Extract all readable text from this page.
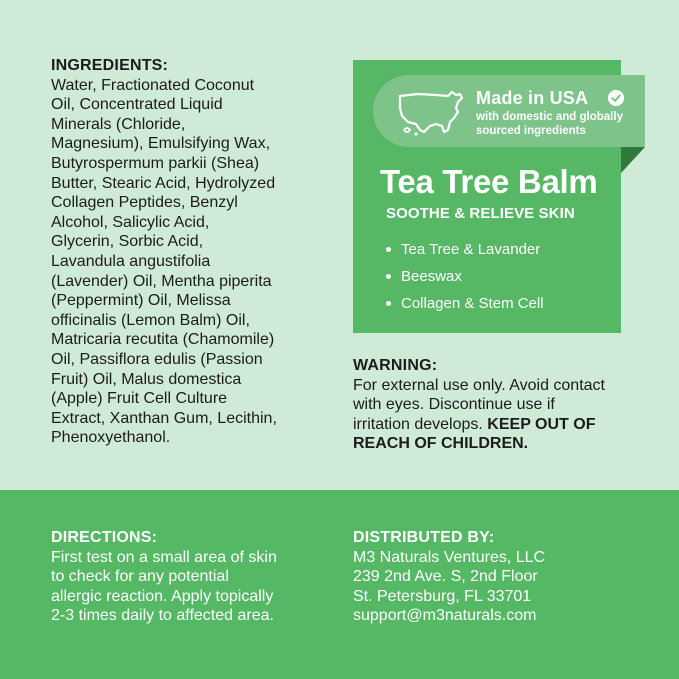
INGREDIENTS:
Water, Fractionated Coconut
Oil, Concentrated Liquid
Minerals (Chloride,
Magnesium), Emulsifying Wax,
Butyrospermum parkii (Shea)
Butter, Stearic Acid, Hydrolyzed
Collagen Peptides, Benzyl
Alcohol, Salicylic Acid,
Glycerin, Sorbic Acid,
Lavandula angustifolia
(Lavender) Oil, Mentha piperita
(Peppermint) Oil, Melissa
officinalis (Lemon Balm) Oil,
Matricaria recutita (Chamomile)
Oil, Passiflora edulis (Passion
Fruit) Oil, Malus domestica
(Apple) Fruit Cell Culture
Extract, Xanthan Gum, Lecithin,
Phenoxyethanol.
Made in USA
with domestic and globally
sourced ingredients
Tea Tree Balm
SOOTHE & RELIEVE SKIN
Tea Tree & Lavander
Beeswax
Collagen & Stem Cell
WARNING:
For external use only. Avoid contact with eyes. Discontinue use if irritation develops. KEEP OUT OF REACH OF CHILDREN.
DIRECTIONS:
First test on a small area of skin
to check for any potential
allergic reaction. Apply topically
2-3 times daily to affected area.
DISTRIBUTED BY:
M3 Naturals Ventures, LLC
239 2nd Ave. S, 2nd Floor
St. Petersburg, FL 33701
support@m3naturals.com
